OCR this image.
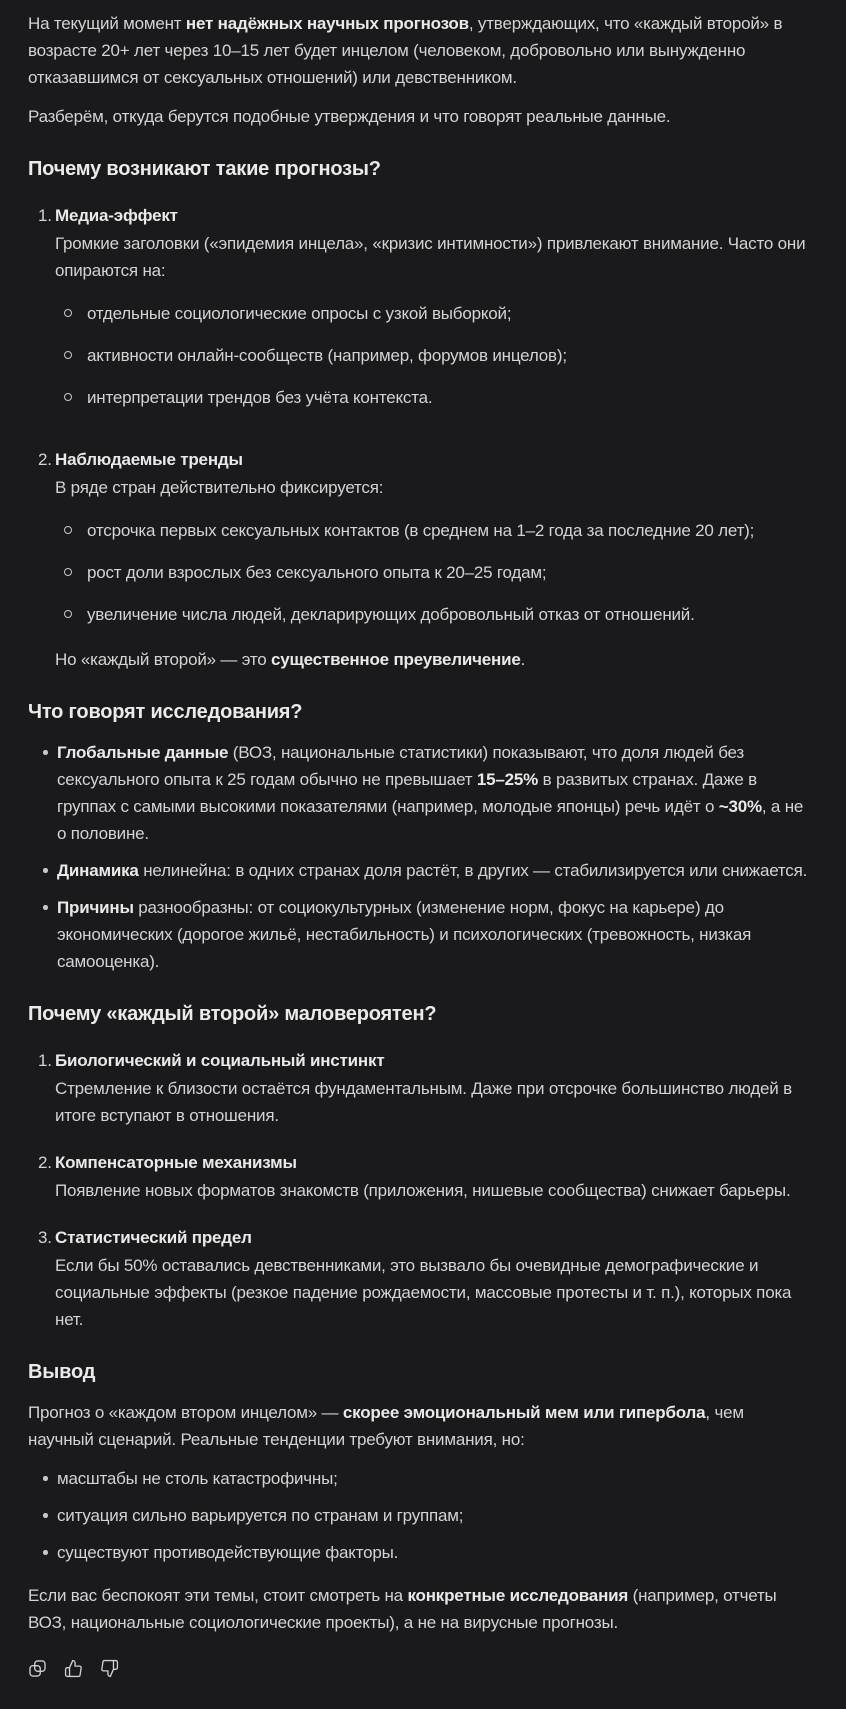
На текущий момент нет надёжных научных прогнозов, утверждающих, что «каждый второй» в возрасте 20+ лет через 10–15 лет будет инцелом (человеком, добровольно или вынужденно отказавшимся от сексуальных отношений) или девственником.

Разберём, откуда берутся подобные утверждения и что говорят реальные данные.

Почему возникают такие прогнозы?
1. Медиа-эффект

Громкие заголовки («эпидемия инцела», «кризис интимности») привлекают внимание. Часто они опираются на:

отдельные социологические опросы с узкой выборкой;
активности онлайн-сообществ (например, форумов инцелов);
интерпретации трендов без учёта контекста.
2. Наблюдаемые тренды

В ряде стран действительно фиксируется:

отсрочка первых сексуальных контактов (в среднем на 1–2 года за последние 20 лет);
рост доли взрослых без сексуального опыта к 20–25 годам;
увеличение числа людей, декларирующих добровольный отказ от отношений.

Но «каждый второй» — это существенное преувеличение.

Что говорят исследования?
Глобальные данные (ВОЗ, национальные статистики) показывают, что доля людей без сексуального опыта к 25 годам обычно не превышает 15–25% в развитых странах. Даже в группах с самыми высокими показателями (например, молодые японцы) речь идёт о ~30%, а не о половине.
Динамика нелинейна: в одних странах доля растёт, в других — стабилизируется или снижается.
Причины разнообразны: от социокультурных (изменение норм, фокус на карьере) до экономических (дорогое жильё, нестабильность) и психологических (тревожность, низкая самооценка).
Почему «каждый второй» маловероятен?
1. Биологический и социальный инстинкт

Стремление к близости остаётся фундаментальным. Даже при отсрочке большинство людей в итоге вступают в отношения.

2. Компенсаторные механизмы

Появление новых форматов знакомств (приложения, нишевые сообщества) снижает барьеры.

3. Статистический предел

Если бы 50% оставались девственниками, это вызвало бы очевидные демографические и социальные эффекты (резкое падение рождаемости, массовые протесты и т. п.), которых пока нет.

Вывод

Прогноз о «каждом втором инцелом» — скорее эмоциональный мем или гипербола, чем научный сценарий. Реальные тенденции требуют внимания, но:

масштабы не столь катастрофичны;
ситуация сильно варьируется по странам и группам;
существуют противодействующие факторы.

Если вас беспокоят эти темы, стоит смотреть на конкретные исследования (например, отчеты ВОЗ, национальные социологические проекты), а не на вирусные прогнозы.
